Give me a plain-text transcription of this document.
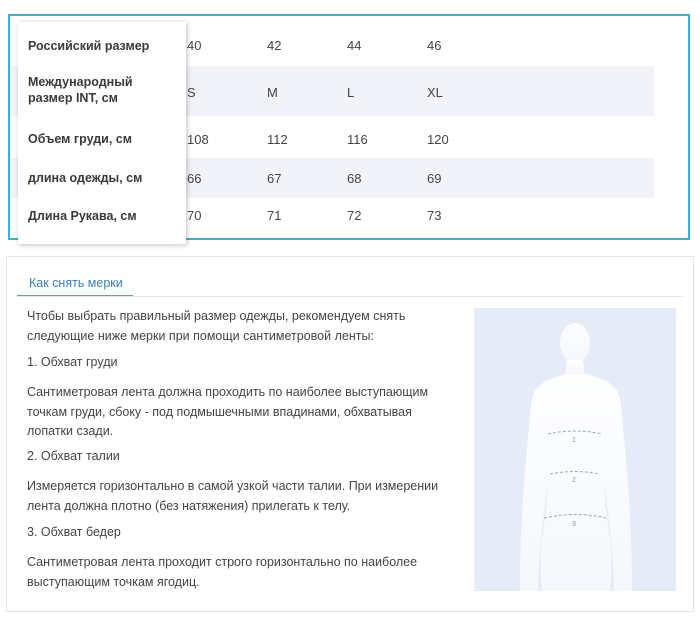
Российский размер	40	42	44	46
Международный размер INT, см	S	M	L	XL
Объем груди, см	108	112	116	120
длина одежды, см	66	67	68	69
Длина Рукава, см	70	71	72	73
Как снять мерки
Чтобы выбрать правильный размер одежды, рекомендуем снять следующие ниже мерки при помощи сантиметровой ленты:
1. Обхват груди
Сантиметровая лента должна проходить по наиболее выступающим точкам груди, сбоку - под подмышечными впадинами, обхватывая лопатки сзади.
2. Обхват талии
Измеряется горизонтально в самой узкой части талии. При измерении лента должна плотно (без натяжения) прилегать к телу.
3. Обхват бедер
Сантиметровая лента проходит строго горизонтально по наиболее выступающим точкам ягодиц.
1
2
3
